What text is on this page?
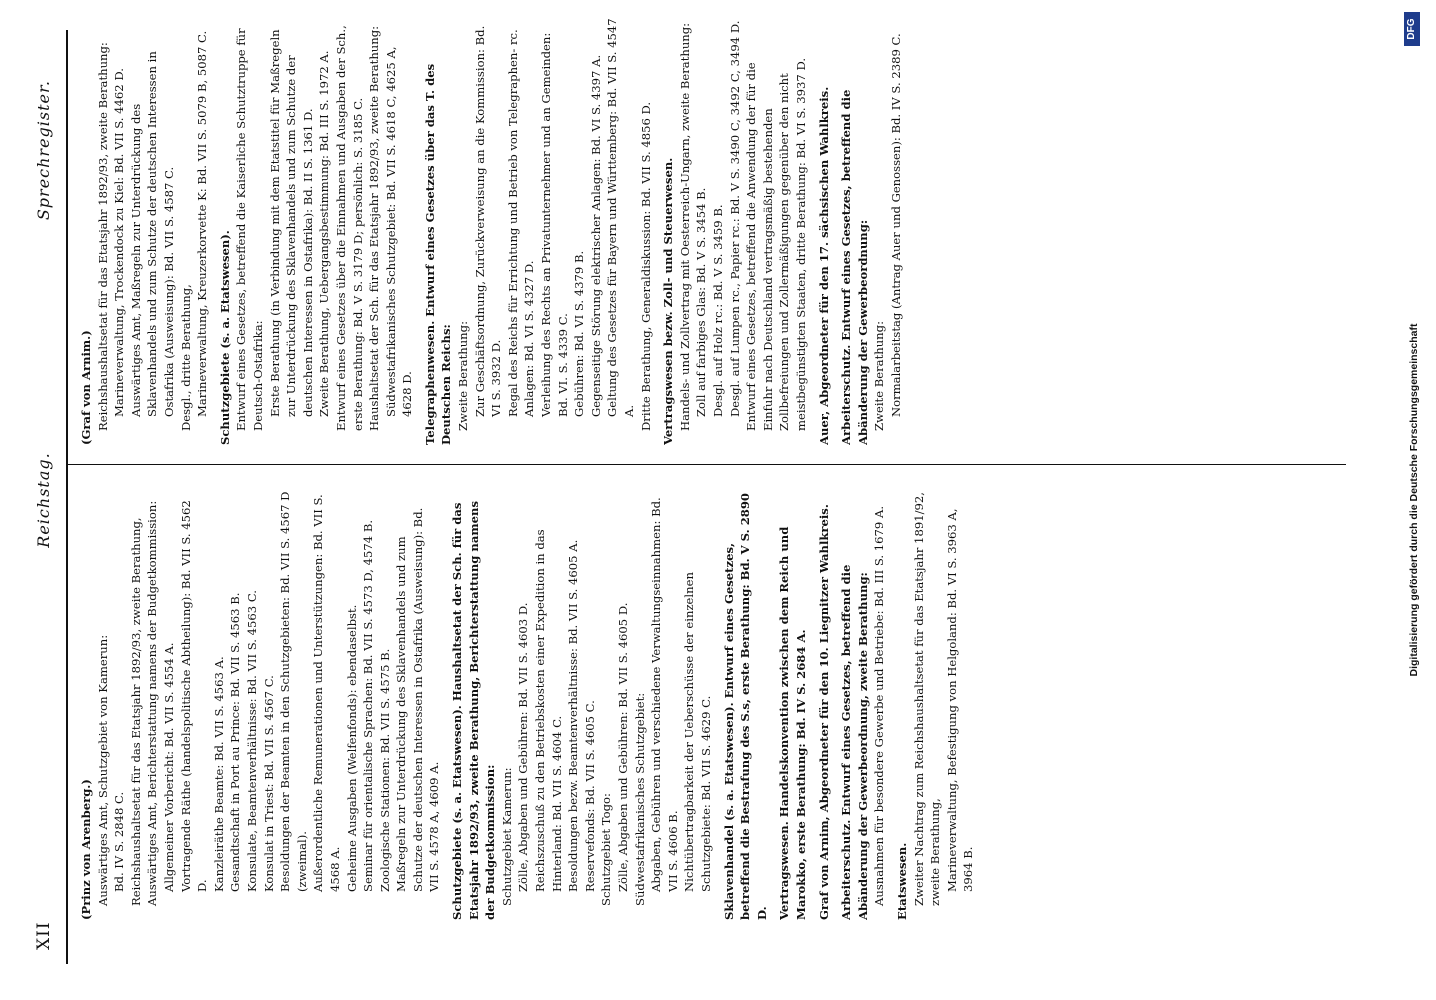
XII
Reichstag.
Sprechregister.

(Prinz von Arenberg.) Auswärtiges Amt, Schutzgebiet von Kamerun: Bd. IV S. 2848 C. Reichshaushaltsetat für das Etatsjahr 1892/93, zweite Berathung, Auswärtiges Amt, Berichterstattung namens der Budgetkommission: Allgemeiner Vorbericht: Bd. VII S. 4554 A. Vortragende Räthe (handelspolitische Abtheilung): Bd. VII S. 4562 D. Kanzleiräthe Beamte: Bd. VII S. 4563 A. Gesandtschaft in Port au Prince: Bd. VII S. 4563 B. Konsulate, Beamtenverhältnisse: Bd. VII S. 4563 C. Konsulat in Triest: Bd. VII S. 4567 C. Besoldungen der Beamten in den Schutzgebieten: Bd. VII S. 4567 D (zweimal). Außerordentliche Remunerationen und Unterstützungen: Bd. VII S. 4568 A. Geheime Ausgaben (Welfenfonds): ebendaselbst. Seminar für orientalische Sprachen: Bd. VII S. 4573 D, 4574 B. Zoologische Stationen: Bd. VII S. 4575 B. Maßregeln zur Unterdrückung des Sklavenhandels und zum Schutze der deutschen Interessen in Ostafrika (Ausweisung): Bd. VII S. 4578 A, 4609 A. Schutzgebiete (s. a. Etatswesen). Haushaltsetat der Sch. für das Etatsjahr 1892/93, zweite Berathung, Berichterstattung namens der Budgetkommission: Schutzgebiet Kamerun: Zölle, Abgaben und Gebühren: Bd. VII S. 4603 D. Reichszuschuß zu den Betriebskosten einer Expedition in das Hinterland: Bd. VII S. 4604 C. Besoldungen bezw. Beamtenverhältnisse: Bd. VII S. 4605 A. Reservefonds: Bd. VII S. 4605 C. Schutzgebiet Togo: Zölle, Abgaben und Gebühren: Bd. VII S. 4605 D. Südwestafrikanisches Schutzgebiet: Abgaben, Gebühren und verschiedene Verwaltungseinnahmen: Bd. VII S. 4606 B. Nichtübertragbarkeit der Ueberschüsse der einzelnen Schutzgebiete: Bd. VII S. 4629 C. Sklavenhandel (s. a. Etatswesen). Entwurf eines Gesetzes, betreffend die Bestrafung des S.s, erste Berathung: Bd. V S. 2890 D. Vertragswesen. Handelskonvention zwischen dem Reich und Marokko, erste Berathung: Bd. IV S. 2684 A. Graf von Arnim, Abgeordneter für den 10. Liegnitzer Wahlkreis. Arbeiterschutz. Entwurf eines Gesetzes, betreffend die Abänderung der Gewerbeordnung, zweite Berathung: Ausnahmen für besondere Gewerbe und Betriebe: Bd. III S. 1679 A. Etatswesen. Zweiter Nachtrag zum Reichshaushaltsetat für das Etatsjahr 1891/92, zweite Berathung, Marineverwaltung, Befestigung von Helgoland: Bd. VI S. 3963 A, 3964 B.

(Graf von Arnim.) Reichshaushaltsetat für das Etatsjahr 1892/93, zweite Berathung: Marineverwaltung, Trockendock zu Kiel: Bd. VII S. 4462 D. Auswärtiges Amt, Maßregeln zur Unterdrückung des Sklavenhandels und zum Schutze der deutschen Interessen in Ostafrika (Ausweisung): Bd. VII S. 4587 C. Desgl., dritte Berathung, Marineverwaltung, Kreuzerkorvette K: Bd. VII S. 5079 B, 5087 C. Schutzgebiete (s. a. Etatswesen). Entwurf eines Gesetzes, betreffend die Kaiserliche Schutztruppe für Deutsch-Ostafrika: Erste Berathung (in Verbindung mit dem Etatstitel für Maßregeln zur Unterdrückung des Sklavenhandels und zum Schutze der deutschen Interessen in Ostafrika): Bd. II S. 1361 D. Zweite Berathung, Uebergangsbestimmung: Bd. III S. 1972 A. Entwurf eines Gesetzes über die Einnahmen und Ausgaben der Sch., erste Berathung: Bd. V S. 3179 D; persönlich: S. 3185 C. Haushaltsetat der Sch. für das Etatsjahr 1892/93, zweite Berathung: Südwestafrikanisches Schutzgebiet: Bd. VII S. 4618 C, 4625 A, 4628 D. Telegraphenwesen. Entwurf eines Gesetzes über das T. des Deutschen Reichs: Zweite Berathung: Zur Geschäftsordnung, Zurückverweisung an die Kommission: Bd. VI S. 3932 D. Regal des Reichs für Errichtung und Betrieb von Telegraphen- rc. Anlagen: Bd. VI S. 4327 D. Verleihung des Rechts an Privatunternehmer und an Gemeinden: Bd. VI. S. 4339 C. Gebühren: Bd. VI S. 4379 B. Gegenseitige Störung elektrischer Anlagen: Bd. VI S. 4397 A. Geltung des Gesetzes für Bayern und Württemberg: Bd. VII S. 4547 A. Dritte Berathung, Generaldiskussion: Bd. VII S. 4856 D. Vertragswesen bezw. Zoll- und Steuerwesen. Handels- und Zollvertrag mit Oesterreich-Ungarn, zweite Berathung: Zoll auf farbiges Glas: Bd. V S. 3454 B. Desgl. auf Holz rc.: Bd. V S. 3459 B. Desgl. auf Lumpen rc., Papier rc.: Bd. V S. 3490 C, 3492 C, 3494 D. Entwurf eines Gesetzes, betreffend die Anwendung der für die Einfuhr nach Deutschland vertragsmäßig bestehenden Zollbefreiungen und Zollermäßigungen gegenüber den nicht meistbegünstigten Staaten, dritte Berathung: Bd. VI S. 3937 D. Auer, Abgeordneter für den 17. sächsischen Wahlkreis. Arbeiterschutz. Entwurf eines Gesetzes, betreffend die Abänderung der Gewerbeordnung: Zweite Berathung: Normalarbeitstag (Antrag Auer und Genossen): Bd. IV S. 2389 C.

Digitalisierung gefördert durch die Deutsche Forschungsgemeinschaft
DFG
